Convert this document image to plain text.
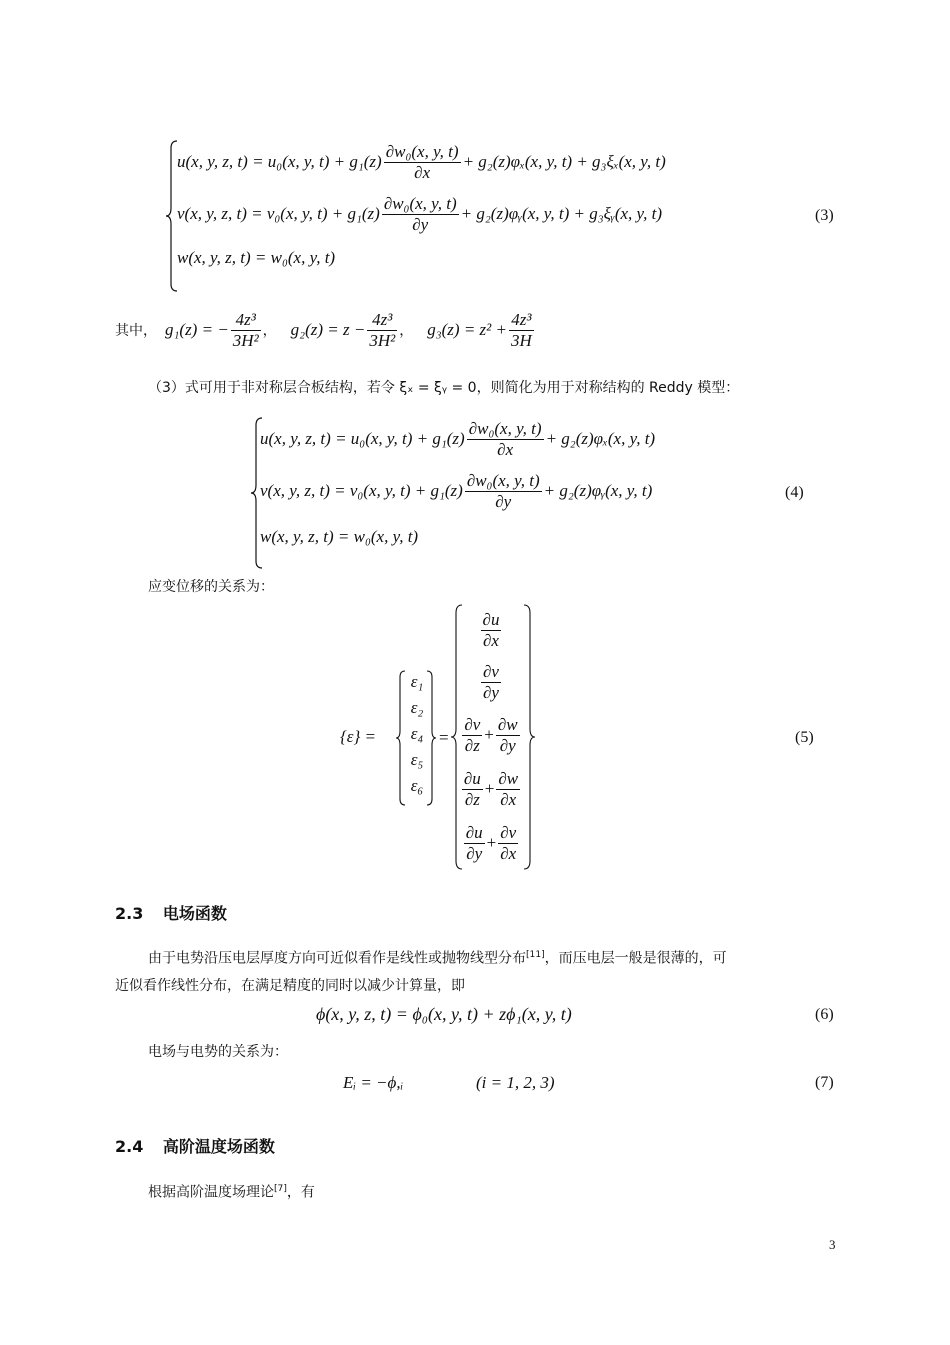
u(x, y, z, t) = u₀(x, y, $t) + g_1(z) \frac{\text{∂w₀(x, y, t)}}{\partial x} + g_2(z)\varphi_x(x$, y, t) + g₃ξₓ(x, y, t)
v(x, y, z, t) = v₀(x, y, $t) + g_1(z) \frac{\text{∂w₀(x, y, t)}}{\partial y}$ + g₂(z)φᵧ(x, y, t) + g₃ξᵧ(x, y, t)
w(x, y, z, t) = w₀(x, y, t)
(3)
其中， g₁(z) = − $\frac{\text{4z³}}{\text{3H²}}$ ， $g_2(z) = z - \frac{\text{4z³}}{\text{3H²}}$ ， $g_3(z) = z^2 + \frac{\text{4z³}}{3H}$
（3）式可用于非对称层合板结构，若令 ξₓ = ξᵧ = 0，则简化为用于对称结构的 Reddy 模型：
u(x, y, z, t) = u₀(x, y, $t) + g_1(z) \frac{\text{∂w₀(x, y, t)}}{\partial x} + g_2(z)\varphi_x(x$, y, t)
v(x, y, z, t) = v₀(x, y, $t) + g_1(z) \frac{\text{∂w₀(x, y, t)}}{\partial y}$ + g₂(z)φᵧ(x, y, t)
w(x, y, z, t) = w₀(x, y, t)
(4)
应变位移的关系为：
{ε} =
ε₁
ε₂
ε₄
ε₅
ε₆
=
$\frac{\partial u}{\partial x}$
$\frac{\partial v}{\partial y}$
$\frac{\partial v}{\partial z} + \frac{\partial w}{\partial y}$
$\frac{\partial u}{\partial z} + \frac{\partial w}{\partial x}$
$\frac{\partial u}{\partial y} + \frac{\partial v}{\partial x}$
(5)
2.3 电场函数
由于电势沿压电层厚度方向可近似看作是线性或抛物线型分布[11]，而压电层一般是很薄的，可
近似看作线性分布，在满足精度的同时以减少计算量，即
ϕ(x, y, z, t) = ϕ₀(x, y, t) + zϕ₁(x, y, t)	(6)
电场与电势的关系为：
Eᵢ = −ϕ,ᵢ	(i = 1, 2, 3)	(7)
2.4 高阶温度场函数
根据高阶温度场理论[7]，有
3
